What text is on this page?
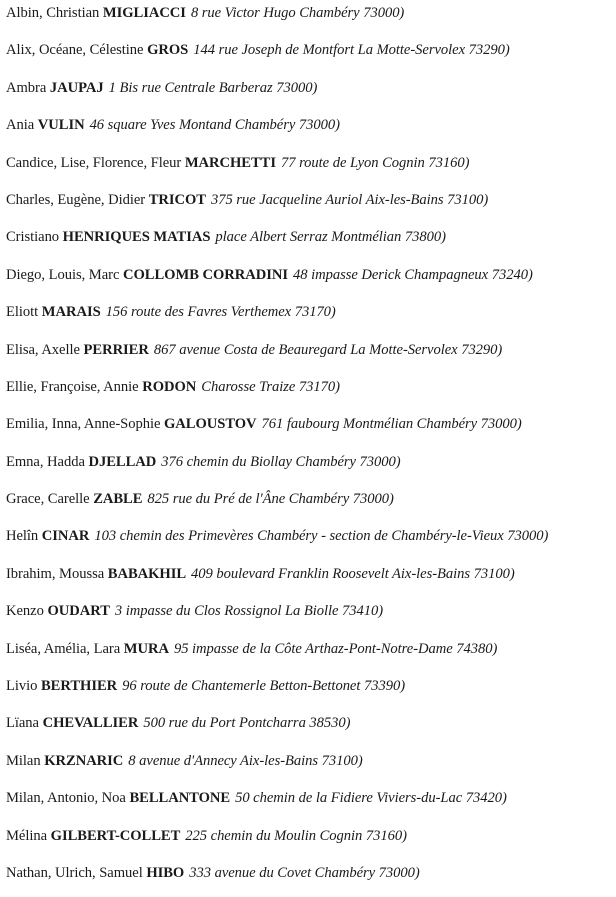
Albin, Christian MIGLIACCI 8 rue Victor Hugo Chambéry 73000)
Alix, Océane, Célestine GROS 144 rue Joseph de Montfort La Motte-Servolex 73290)
Ambra JAUPAJ 1 Bis rue Centrale Barberaz 73000)
Ania VULIN 46 square Yves Montand Chambéry 73000)
Candice, Lise, Florence, Fleur MARCHETTI 77 route de Lyon Cognin 73160)
Charles, Eugène, Didier TRICOT 375 rue Jacqueline Auriol Aix-les-Bains 73100)
Cristiano HENRIQUES MATIAS place Albert Serraz Montmélian 73800)
Diego, Louis, Marc COLLOMB CORRADINI 48 impasse Derick Champagneux 73240)
Eliott MARAIS 156 route des Favres Verthemex 73170)
Elisa, Axelle PERRIER 867 avenue Costa de Beauregard La Motte-Servolex 73290)
Ellie, Françoise, Annie RODON Charosse Traize 73170)
Emilia, Inna, Anne-Sophie GALOUSTOV 761 faubourg Montmélian Chambéry 73000)
Emna, Hadda DJELLAD 376 chemin du Biollay Chambéry 73000)
Grace, Carelle ZABLE 825 rue du Pré de l'Âne Chambéry 73000)
Helîn CINAR 103 chemin des Primevères Chambéry - section de Chambéry-le-Vieux 73000)
Ibrahim, Moussa BABAKHIL 409 boulevard Franklin Roosevelt Aix-les-Bains 73100)
Kenzo OUDART 3 impasse du Clos Rossignol La Biolle 73410)
Liséa, Amélia, Lara MURA 95 impasse de la Côte Arthaz-Pont-Notre-Dame 74380)
Livio BERTHIER 96 route de Chantemerle Betton-Bettonet 73390)
Lïana CHEVALLIER 500 rue du Port Pontcharra 38530)
Milan KRZNARIC 8 avenue d'Annecy Aix-les-Bains 73100)
Milan, Antonio, Noa BELLANTONE 50 chemin de la Fidiere Viviers-du-Lac 73420)
Mélina GILBERT-COLLET 225 chemin du Moulin Cognin 73160)
Nathan, Ulrich, Samuel HIBO 333 avenue du Covet Chambéry 73000)
